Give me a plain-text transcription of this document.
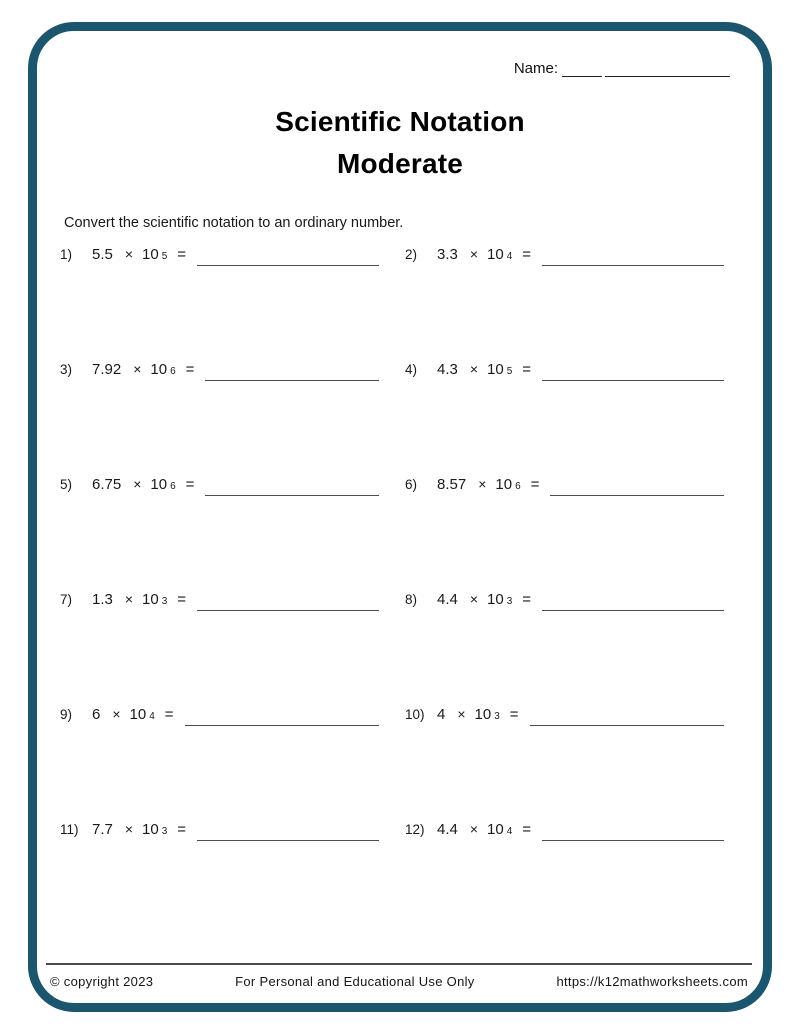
Name:
Scientific Notation
Moderate
Convert the scientific notation to an ordinary number.
1)	5.5 × 10 5 =	2)	3.3 × 10 4 =
3)	7.92 × 10 6 =	4)	4.3 × 10 5 =
5)	6.75 × 10 6 =	6)	8.57 × 10 6 =
7)	1.3 × 10 3 =	8)	4.4 × 10 3 =
9)	6 × 10 4 =	10) 4 × 10 3 =
11) 7.7 × 10 3 =	12) 4.4 × 10 4 =
© copyright 2023	For Personal and Educational Use Only	https://k12mathworksheets.com
